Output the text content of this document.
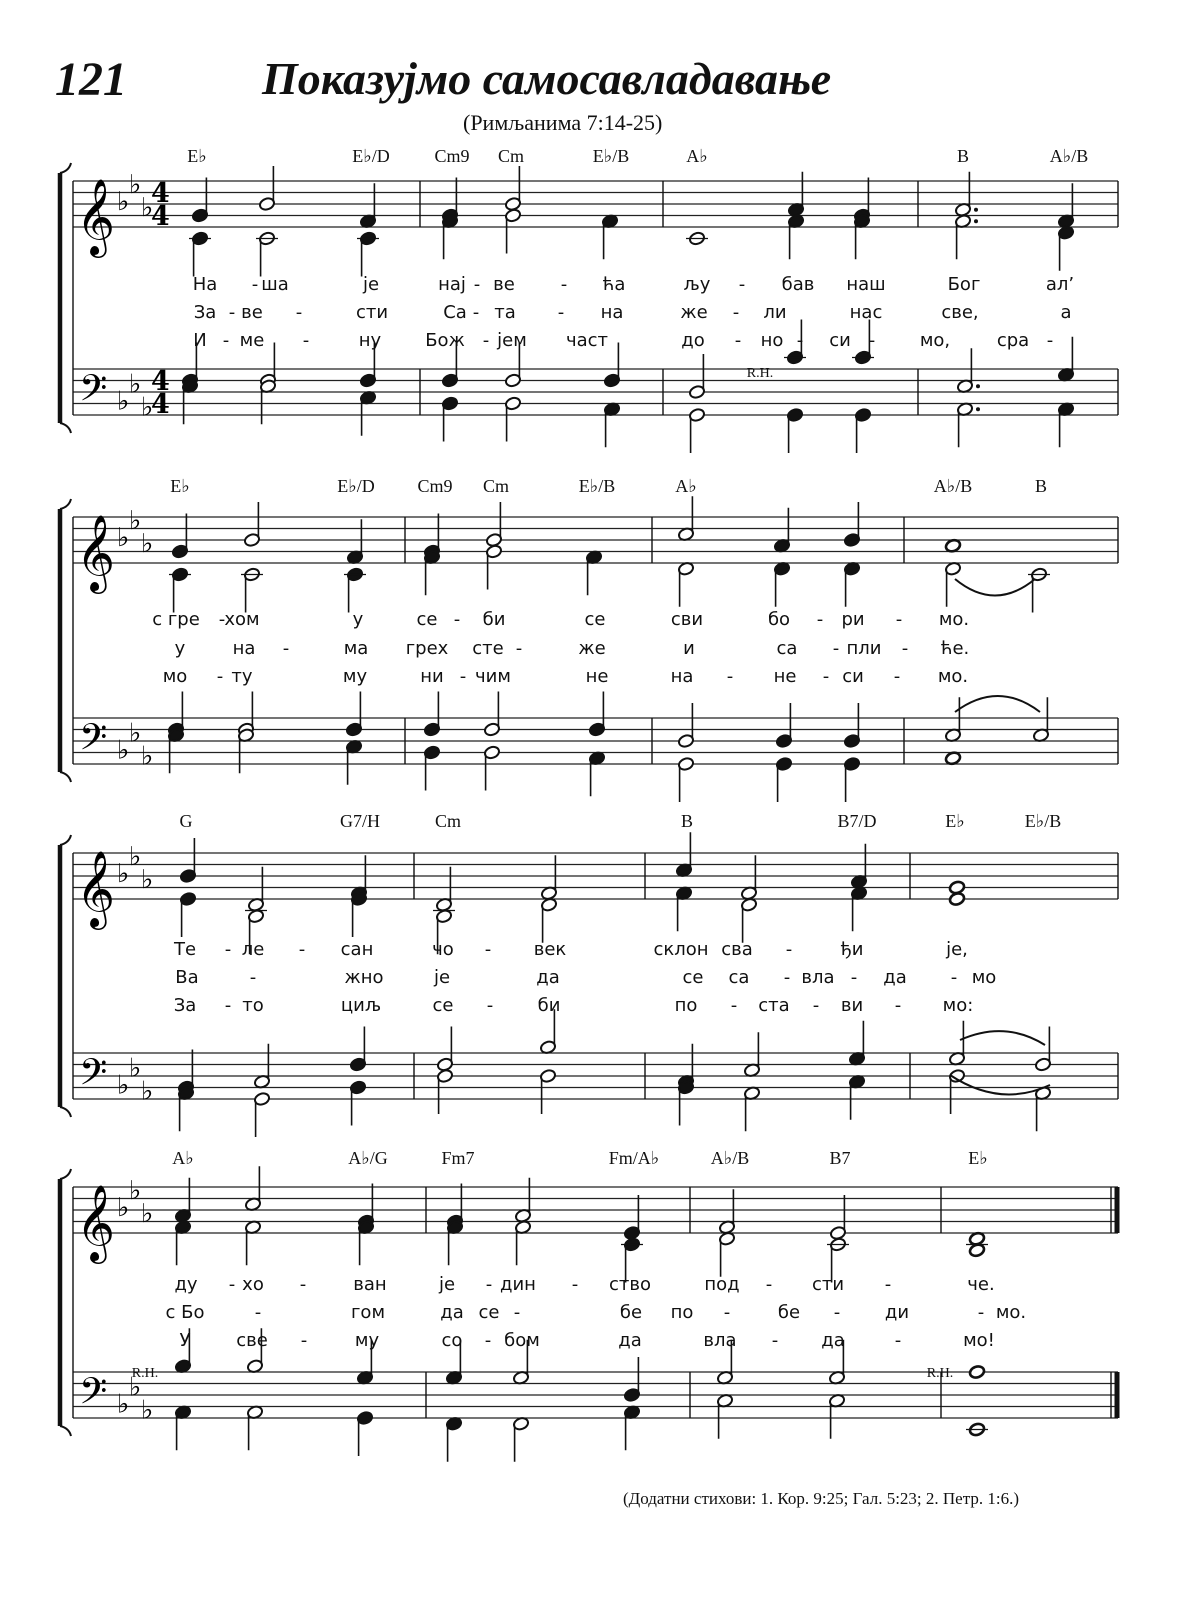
121	Показујмо самосавладавање
(Римљанима 7:14-25)
𝄞
𝄢
♭
♭
♭
♭
♭
♭
4
4
4
4
𝄞
𝄢
♭
♭
♭
♭
♭
♭
𝄞
𝄢
♭
♭
♭
♭
♭
♭
𝄞
𝄢
♭
♭
♭
♭
♭
♭
E♭	E♭/D Cm9 Cm	E♭/B	A♭	B	A♭/B
На - ша	је	нај - ве	- ћа	љу - бав наш	Бог	ал’
За - ве -	сти	Са - та - на	же - ли	нас	све,	а
И - ме -	ну Бож - јем част	до - но - си - мо,	сра -
R.H.
E♭	E♭/D Cm9 Cm	E♭/B	A♭	A♭/B	B
с гре - хом	у	се - би	се	сви	бо - ри - мо.
у	на -	ма грех сте -	же	и	са - пли - ће.
мо - ту	му	ни - чим	не	на - не - си - мо.
G	G7/H	Cm	B	B7/D	E♭	E♭/B
Те - ле - сан	чо - век	склон сва -	ђи	је,
Ва	-	жно	је	да	се са - вла - да - мо
За - то	циљ	се - би	по - ста - ви - мо:
A♭	A♭/G	Fm7	Fm/A♭	A♭/B	B7	E♭
ду - хо -	ван	је - дин - ство	под - сти -	че.
с Бо	-	гом	да се -	бе по -	бе - ди	- мо.
У	све -	му	со - бом	да	вла - да	-	мо!
R.H.	R.H.
(Додатни стихови: 1. Кор. 9:25; Гал. 5:23; 2. Петр. 1:6.)
